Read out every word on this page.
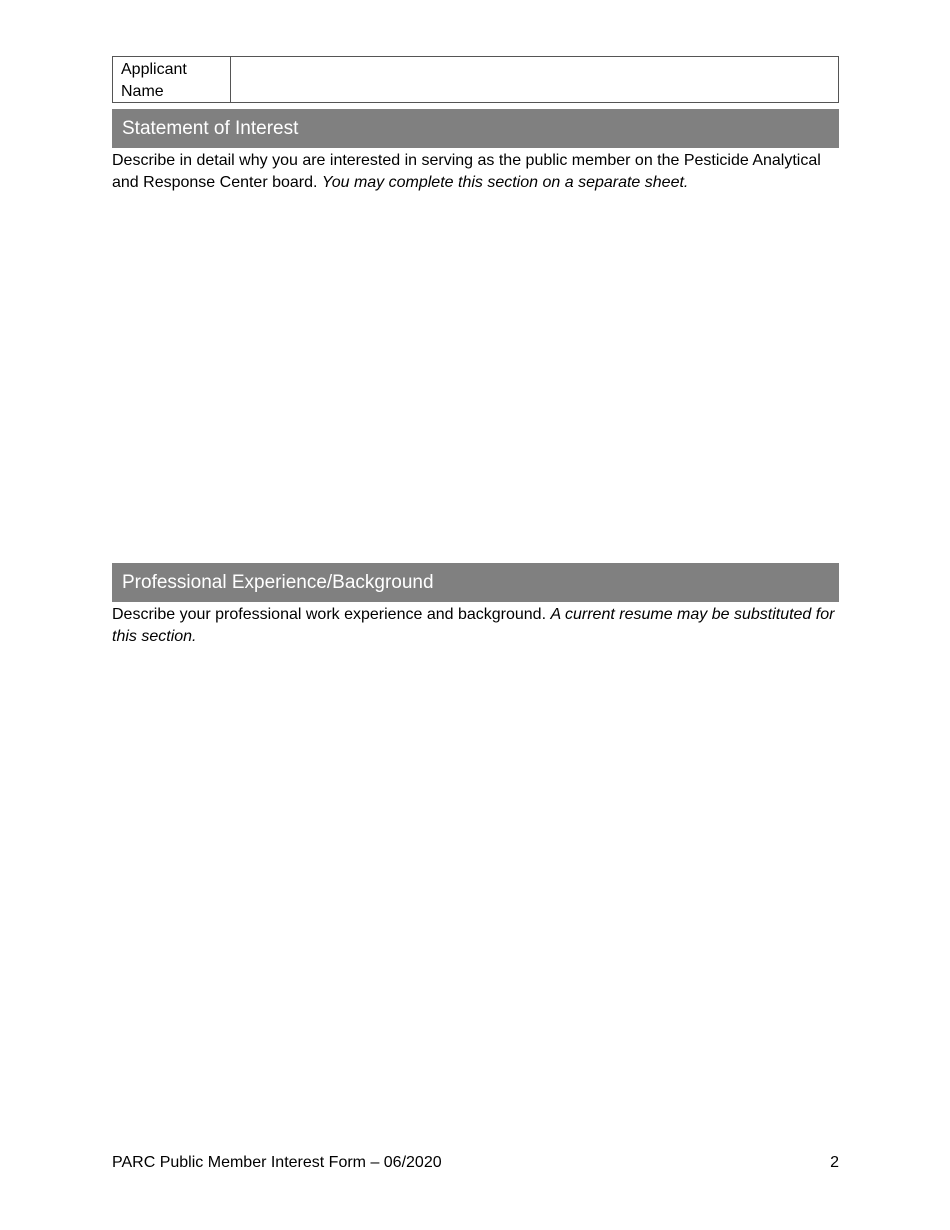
Applicant Name
Statement of Interest
Describe in detail why you are interested in serving as the public member on the Pesticide Analytical and Response Center board. You may complete this section on a separate sheet.
Professional Experience/Background
Describe your professional work experience and background. A current resume may be substituted for this section.
PARC Public Member Interest Form – 06/2020	2
